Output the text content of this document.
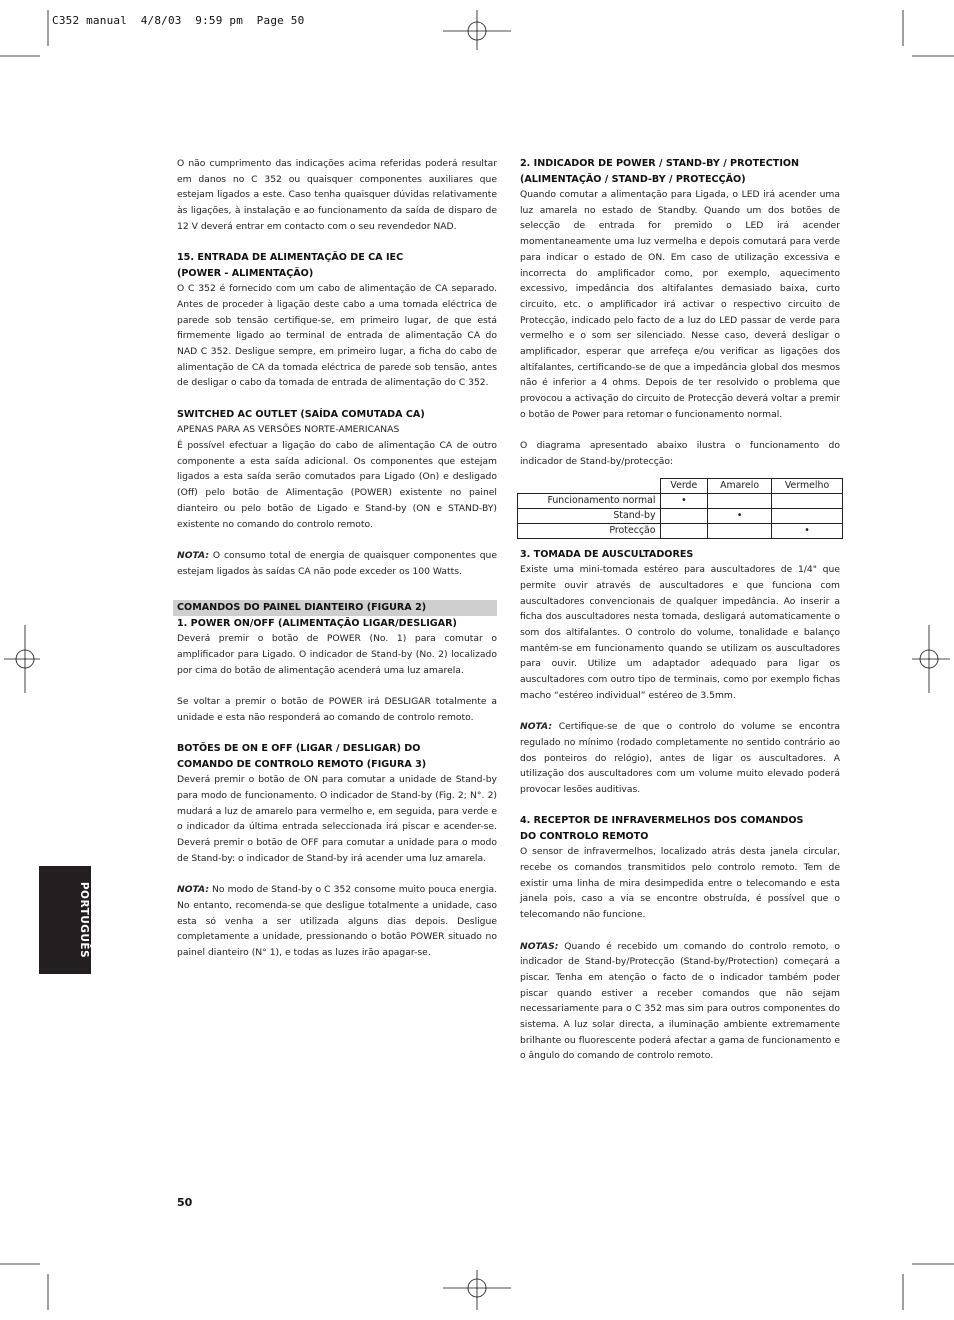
C352 manual  4/8/03  9:59 pm  Page 50

O não cumprimento das indicações acima referidas poderá resultar em danos no C 352 ou quaisquer componentes auxiliares que estejam ligados a este. Caso tenha quaisquer dúvidas relativamente às ligações, à instalação e ao funcionamento da saída de disparo de 12 V deverá entrar em contacto com o seu revendedor NAD.

15. ENTRADA DE ALIMENTAÇÃO DE CA IEC

(POWER - ALIMENTAÇÃO)

O C 352 é fornecido com um cabo de alimentação de CA separado. Antes de proceder à ligação deste cabo a uma tomada eléctrica de parede sob tensão certifique-se, em primeiro lugar, de que está firmemente ligado ao terminal de entrada de alimentação CA do NAD C 352. Desligue sempre, em primeiro lugar, a ficha do cabo de alimentação de CA da tomada eléctrica de parede sob tensão, antes de desligar o cabo da tomada de entrada de alimentação do C 352.

SWITCHED AC OUTLET (SAÍDA COMUTADA CA)

APENAS PARA AS VERSÕES NORTE-AMERICANAS

É possível efectuar a ligação do cabo de alimentação CA de outro componente a esta saída adicional. Os componentes que estejam ligados a esta saída serão comutados para Ligado (On) e desligado (Off) pelo botão de Alimentação (POWER) existente no painel dianteiro ou pelo botão de Ligado e Stand-by (ON e STAND-BY) existente no comando do controlo remoto.

NOTA: O consumo total de energia de quaisquer componentes que estejam ligados às saídas CA não pode exceder os 100 Watts.

COMANDOS DO PAINEL DIANTEIRO (FIGURA 2)

1. POWER ON/OFF (ALIMENTAÇÃO LIGAR/DESLIGAR)

Deverá premir o botão de POWER (No. 1) para comutar o amplificador para Ligado. O indicador de Stand-by (No. 2) localizado por cima do botão de alimentação acenderá uma luz amarela.

Se voltar a premir o botão de POWER irá DESLIGAR totalmente a unidade e esta não responderá ao comando de controlo remoto.

BOTÕES DE ON E OFF (LIGAR / DESLIGAR) DO

COMANDO DE CONTROLO REMOTO (FIGURA 3)

Deverá premir o botão de ON para comutar a unidade de Stand-by para modo de funcionamento. O indicador de Stand-by (Fig. 2; N°. 2) mudará a luz de amarelo para vermelho e, em seguida, para verde e o indicador da última entrada seleccionada irá piscar e acender-se. Deverá premir o botão de OFF para comutar a unidade para o modo de Stand-by: o indicador de Stand-by irá acender uma luz amarela.

NOTA: No modo de Stand-by o C 352 consome muito pouca energia. No entanto, recomenda-se que desligue totalmente a unidade, caso esta só venha a ser utilizada alguns dias depois. Desligue completamente a unidade, pressionando o botão POWER situado no painel dianteiro (N° 1), e todas as luzes irão apagar-se.

2. INDICADOR DE POWER / STAND-BY / PROTECTION

(ALIMENTAÇÃO / STAND-BY / PROTECÇÃO)

Quando comutar a alimentação para Ligada, o LED irá acender uma luz amarela no estado de Standby. Quando um dos botões de selecção de entrada for premido o LED irá acender momentaneamente uma luz vermelha e depois comutará para verde para indicar o estado de ON. Em caso de utilização excessiva e incorrecta do amplificador como, por exemplo, aquecimento excessivo, impedância dos altifalantes demasiado baixa, curto circuito, etc. o amplificador irá activar o respectivo circuito de Protecção, indicado pelo facto de a luz do LED passar de verde para vermelho e o som ser silenciado. Nesse caso, deverá desligar o amplificador, esperar que arrefeça e/ou verificar as ligações dos altifalantes, certificando-se de que a impedância global dos mesmos não é inferior a 4 ohms. Depois de ter resolvido o problema que provocou a activação do circuito de Protecção deverá voltar a premir o botão de Power para retomar o funcionamento normal.

O diagrama apresentado abaixo ilustra o funcionamento do indicador de Stand-by/protecção:

	Verde	Amarelo	Vermelho
Funcionamento normal	•		
Stand-by		•	
Protecção			•

3. TOMADA DE AUSCULTADORES

Existe uma mini-tomada estéreo para auscultadores de 1/4" que permite ouvir através de auscultadores e que funciona com auscultadores convencionais de qualquer impedância. Ao inserir a ficha dos auscultadores nesta tomada, desligará automaticamente o som dos altifalantes. O controlo do volume, tonalidade e balanço mantêm-se em funcionamento quando se utilizam os auscultadores para ouvir. Utilize um adaptador adequado para ligar os auscultadores com outro tipo de terminais, como por exemplo fichas macho “estéreo individual” estéreo de 3.5mm.

NOTA: Certifique-se de que o controlo do volume se encontra regulado no mínimo (rodado completamente no sentido contrário ao dos ponteiros do relógio), antes de ligar os auscultadores. A utilização dos auscultadores com um volume muito elevado poderá provocar lesões auditivas.

4. RECEPTOR DE INFRAVERMELHOS DOS COMANDOS

DO CONTROLO REMOTO

O sensor de infravermelhos, localizado atrás desta janela circular, recebe os comandos transmitidos pelo controlo remoto. Tem de existir uma linha de mira desimpedida entre o telecomando e esta janela pois, caso a via se encontre obstruída, é possível que o telecomando não funcione.

NOTAS: Quando é recebido um comando do controlo remoto, o indicador de Stand-by/Protecção (Stand-by/Protection) começará a piscar. Tenha em atenção o facto de o indicador também poder piscar quando estiver a receber comandos que não sejam necessariamente para o C 352 mas sim para outros componentes do sistema. A luz solar directa, a iluminação ambiente extremamente brilhante ou fluorescente poderá afectar a gama de funcionamento e o ângulo do comando de controlo remoto.

PORTUGUÊS
50
